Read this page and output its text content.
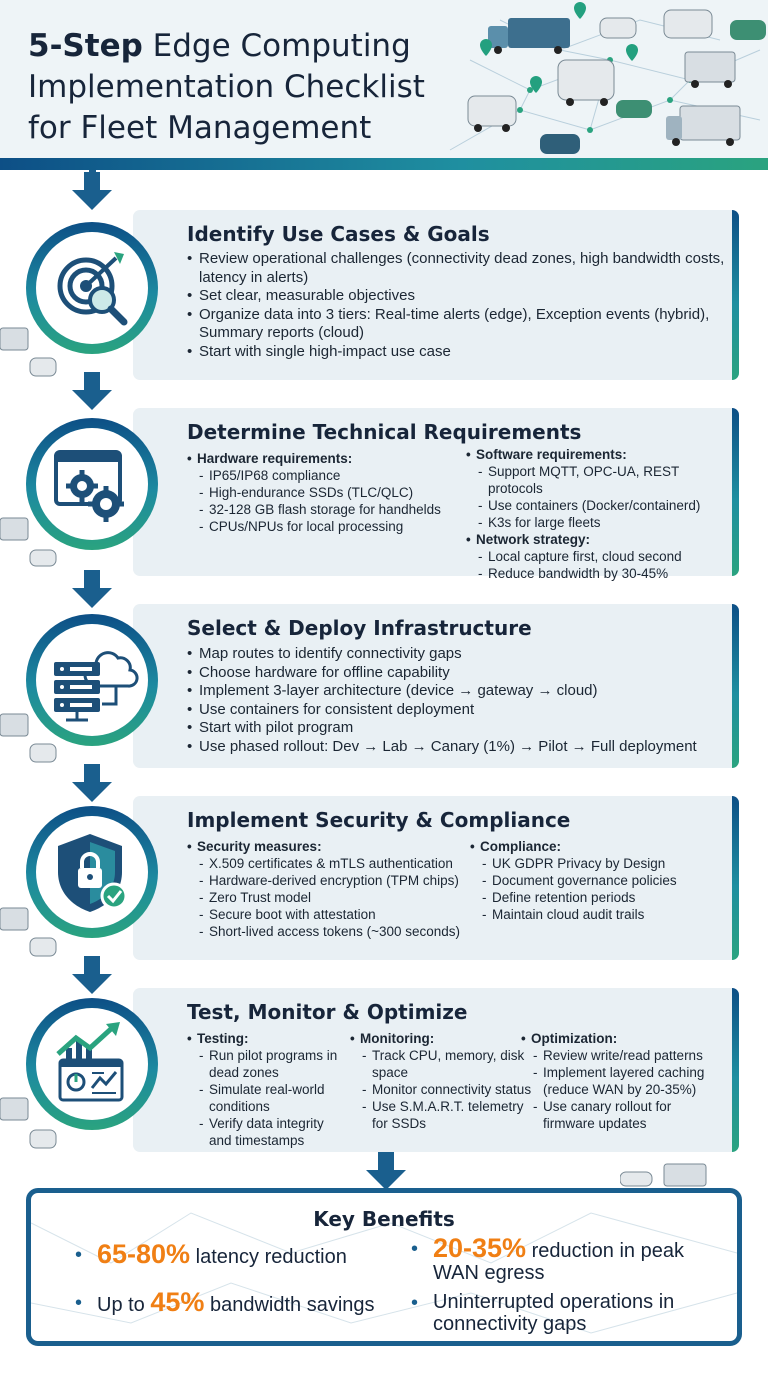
5-Step Edge Computing Implementation Checklist for Fleet Management
Identify Use Cases & Goals
• Review operational challenges (connectivity dead zones, high bandwidth costs, latency in alerts)
• Set clear, measurable objectives
• Organize data into 3 tiers: Real-time alerts (edge), Exception events (hybrid), Summary reports (cloud)
• Start with single high-impact use case
Determine Technical Requirements
• Hardware requirements:
- IP65/IP68 compliance
- High-endurance SSDs (TLC/QLC)
- 32-128 GB flash storage for handhelds
- CPUs/NPUs for local processing
• Software requirements:
- Support MQTT, OPC-UA, REST protocols
- Use containers (Docker/containerd)
- K3s for large fleets
• Network strategy:
- Local capture first, cloud second
- Reduce bandwidth by 30-45%
Select & Deploy Infrastructure
• Map routes to identify connectivity gaps
• Choose hardware for offline capability
• Implement 3-layer architecture (device → gateway → cloud)
• Use containers for consistent deployment
• Start with pilot program
• Use phased rollout: Dev → Lab → Canary (1%) → Pilot → Full deployment
Implement Security & Compliance
• Security measures:
- X.509 certificates & mTLS authentication
- Hardware-derived encryption (TPM chips)
- Zero Trust model
- Secure boot with attestation
- Short-lived access tokens (~300 seconds)
• Compliance:
- UK GDPR Privacy by Design
- Document governance policies
- Define retention periods
- Maintain cloud audit trails
Test, Monitor & Optimize
• Testing:
- Run pilot programs in dead zones
- Simulate real-world conditions
- Verify data integrity and timestamps
• Monitoring:
- Track CPU, memory, disk space
- Monitor connectivity status
- Use S.M.A.R.T. telemetry for SSDs
• Optimization:
- Review write/read patterns
- Implement layered caching (reduce WAN by 20-35%)
- Use canary rollout for firmware updates
Key Benefits
• 65-80% latency reduction
• Up to 45% bandwidth savings
• 20-35% reduction in peak WAN egress
• Uninterrupted operations in connectivity gaps
